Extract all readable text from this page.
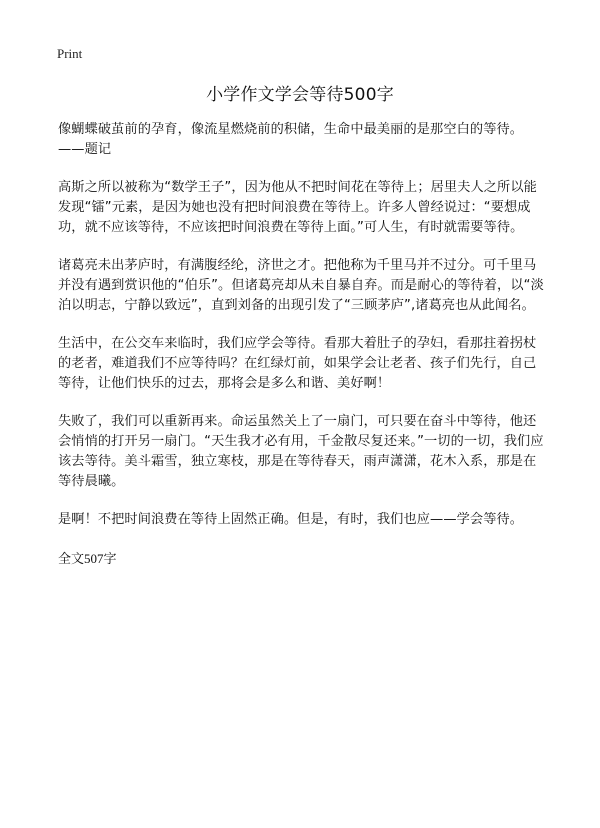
Print
小学作文学会等待500字

像蝴蝶破茧前的孕育，像流星燃烧前的积储，生命中最美丽的是那空白的等待。——题记

高斯之所以被称为“数学王子”，因为他从不把时间花在等待上；居里夫人之所以能发现“镭”元素，是因为她也没有把时间浪费在等待上。许多人曾经说过：“要想成功，就不应该等待，不应该把时间浪费在等待上面。”可人生，有时就需要等待。

诸葛亮未出茅庐时，有满腹经纶，济世之才。把他称为千里马并不过分。可千里马并没有遇到赏识他的“伯乐”。但诸葛亮却从未自暴自弃。而是耐心的等待着，以“淡泊以明志，宁静以致远”，直到刘备的出现引发了“三顾茅庐”,诸葛亮也从此闻名。

生活中，在公交车来临时，我们应学会等待。看那大着肚子的孕妇，看那拄着拐杖的老者，难道我们不应等待吗？在红绿灯前，如果学会让老者、孩子们先行，自己等待，让他们快乐的过去，那将会是多么和谐、美好啊！

失败了，我们可以重新再来。命运虽然关上了一扇门，可只要在奋斗中等待，他还会悄悄的打开另一扇门。“天生我才必有用，千金散尽复还来。”一切的一切，我们应该去等待。美斗霜雪，独立寒枝，那是在等待春天，雨声潇潇，花木入系，那是在等待晨曦。

是啊！不把时间浪费在等待上固然正确。但是，有时，我们也应——学会等待。

全文507字
